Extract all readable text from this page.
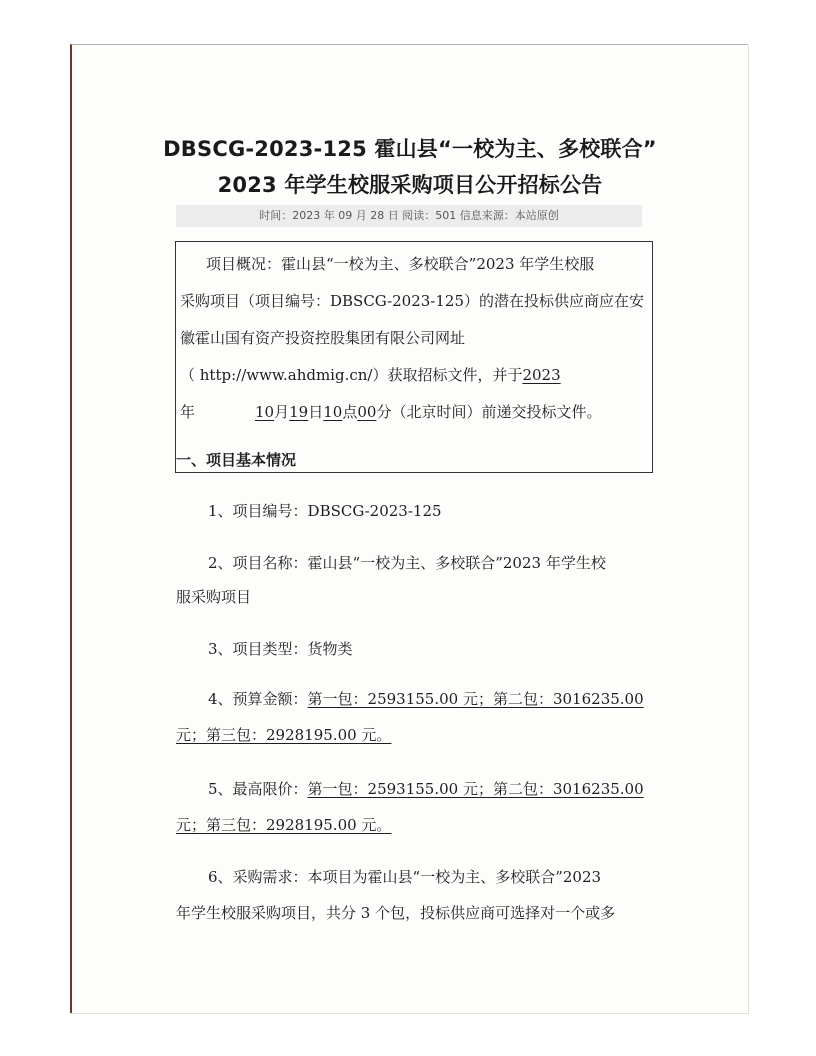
DBSCG-2023-125 霍山县“一校为主、多校联合”
2023 年学生校服采购项目公开招标公告
时间：2023 年 09 月 28 日 阅读：501 信息来源：本站原创
项目概况：霍山县“一校为主、多校联合”2023 年学生校服
采购项目（项目编号：DBSCG-2023-125）的潜在投标供应商应在安
徽霍山国有资产投资控股集团有限公司网址
（ http://www.ahdmig.cn/）获取招标文件，并于2023
年	10月19日10点00分（北京时间）前递交投标文件。
一、项目基本情况
1、项目编号：DBSCG-2023-125
2、项目名称：霍山县“一校为主、多校联合”2023 年学生校
服采购项目
3、项目类型：货物类
4、预算金额：第一包：2593155.00 元；第二包：3016235.00
元；第三包：2928195.00 元。
5、最高限价：第一包：2593155.00 元；第二包：3016235.00
元；第三包：2928195.00 元。
6、采购需求：本项目为霍山县“一校为主、多校联合”2023
年学生校服采购项目，共分 3 个包，投标供应商可选择对一个或多
